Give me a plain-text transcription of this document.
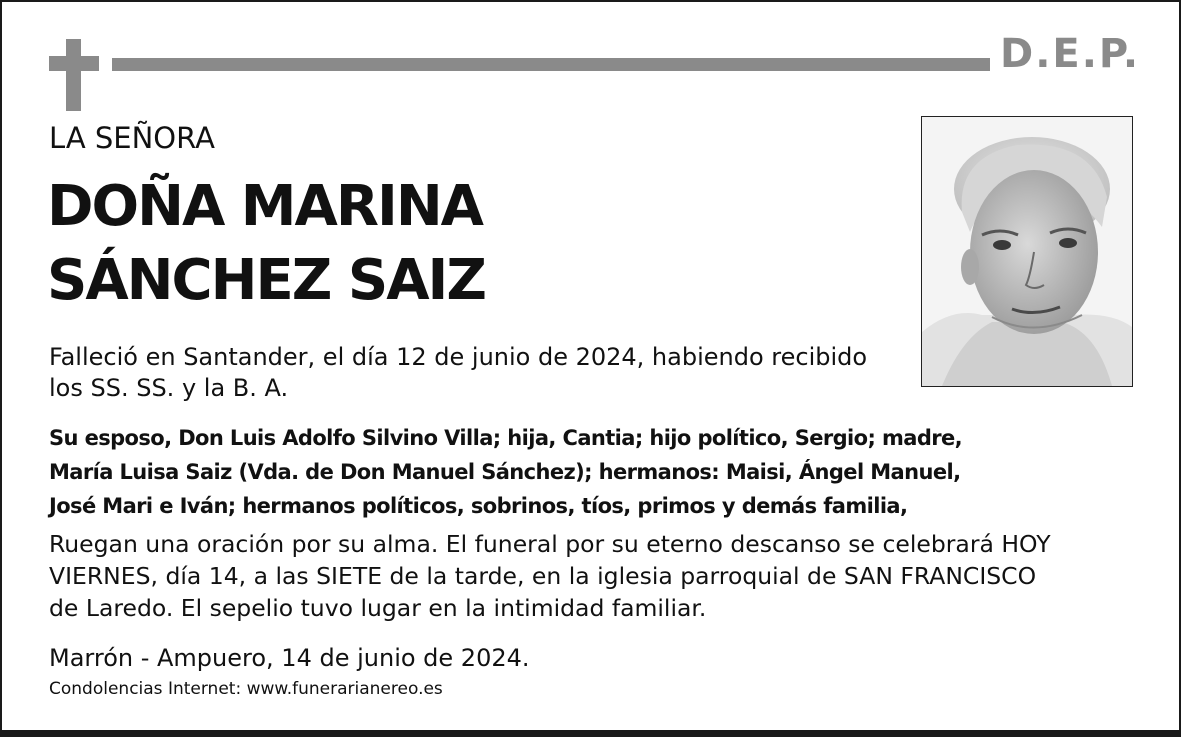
D.E.P.
LA SEÑORA
DOÑA MARINA
SÁNCHEZ SAIZ
Falleció en Santander, el día 12 de junio de 2024, habiendo recibido
los SS. SS. y la B. A.
Su esposo, Don Luis Adolfo Silvino Villa; hija, Cantia; hijo político, Sergio; madre,
María Luisa Saiz (Vda. de Don Manuel Sánchez); hermanos: Maisi, Ángel Manuel,
José Mari e Iván; hermanos políticos, sobrinos, tíos, primos y demás familia,
Ruegan una oración por su alma. El funeral por su eterno descanso se celebrará HOY
VIERNES, día 14, a las SIETE de la tarde, en la iglesia parroquial de SAN FRANCISCO
de Laredo. El sepelio tuvo lugar en la intimidad familiar.
Marrón - Ampuero, 14 de junio de 2024.
Condolencias Internet: www.funerarianereo.es
